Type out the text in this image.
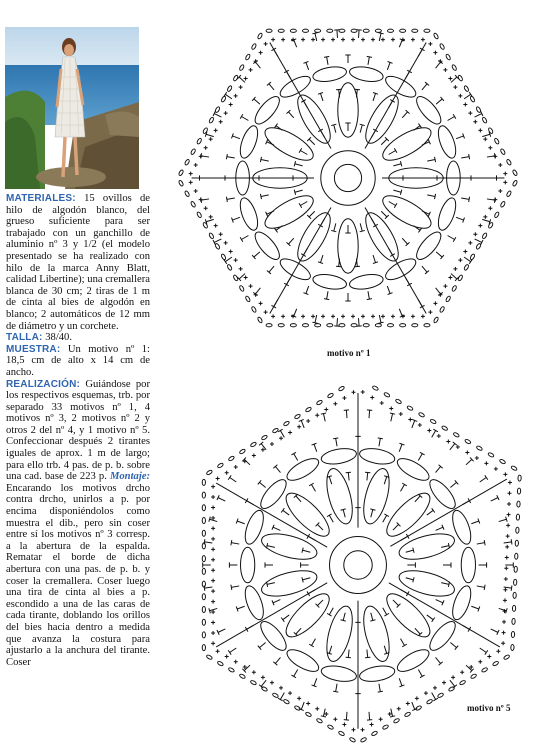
MATERIALES: 15 ovillos de hilo de algodón blanco, del grueso suficiente para ser trabajado con un ganchillo de aluminio nº 3 y 1/2 (el modelo presentado se ha realizado con hilo de la marca Anny Blatt, calidad Libertine); una cremallera blanca de 30 cm; 2 tiras de 1 m de cinta al bies de algodón en blanco; 2 automáticos de 12 mm de diámetro y un corchete.

TALLA: 38/40.

MUESTRA: Un motivo nº 1: 18,5 cm de alto x 14 cm de ancho.

REALIZACIÓN: Guiándose por los respectivos esquemas, trb. por separado 33 motivos nº 1, 4 motivos nº 3, 2 motivos nº 2 y otros 2 del nº 4, y 1 motivo nº 5. Confeccionar después 2 tirantes iguales de aprox. 1 m de largo; para ello trb. 4 pas. de p. b. sobre una cad. base de 223 p. Montaje: Encarando los motivos drcho contra drcho, unirlos a p. por encima disponiéndolos como muestra el dib., pero sin coser entre sí los motivos nº 3 corresp. a la abertura de la espalda. Rematar el borde de dicha abertura con una pas. de p. b. y coser la cremallera. Coser luego una tira de cinta al bies a p. escondido a una de las caras de cada tirante, doblando los orillos del bies hacia dentro a medida que avanza la costura para ajustarlo a la anchura del tirante. Coser

motivo nº 1
motivo nº 5
